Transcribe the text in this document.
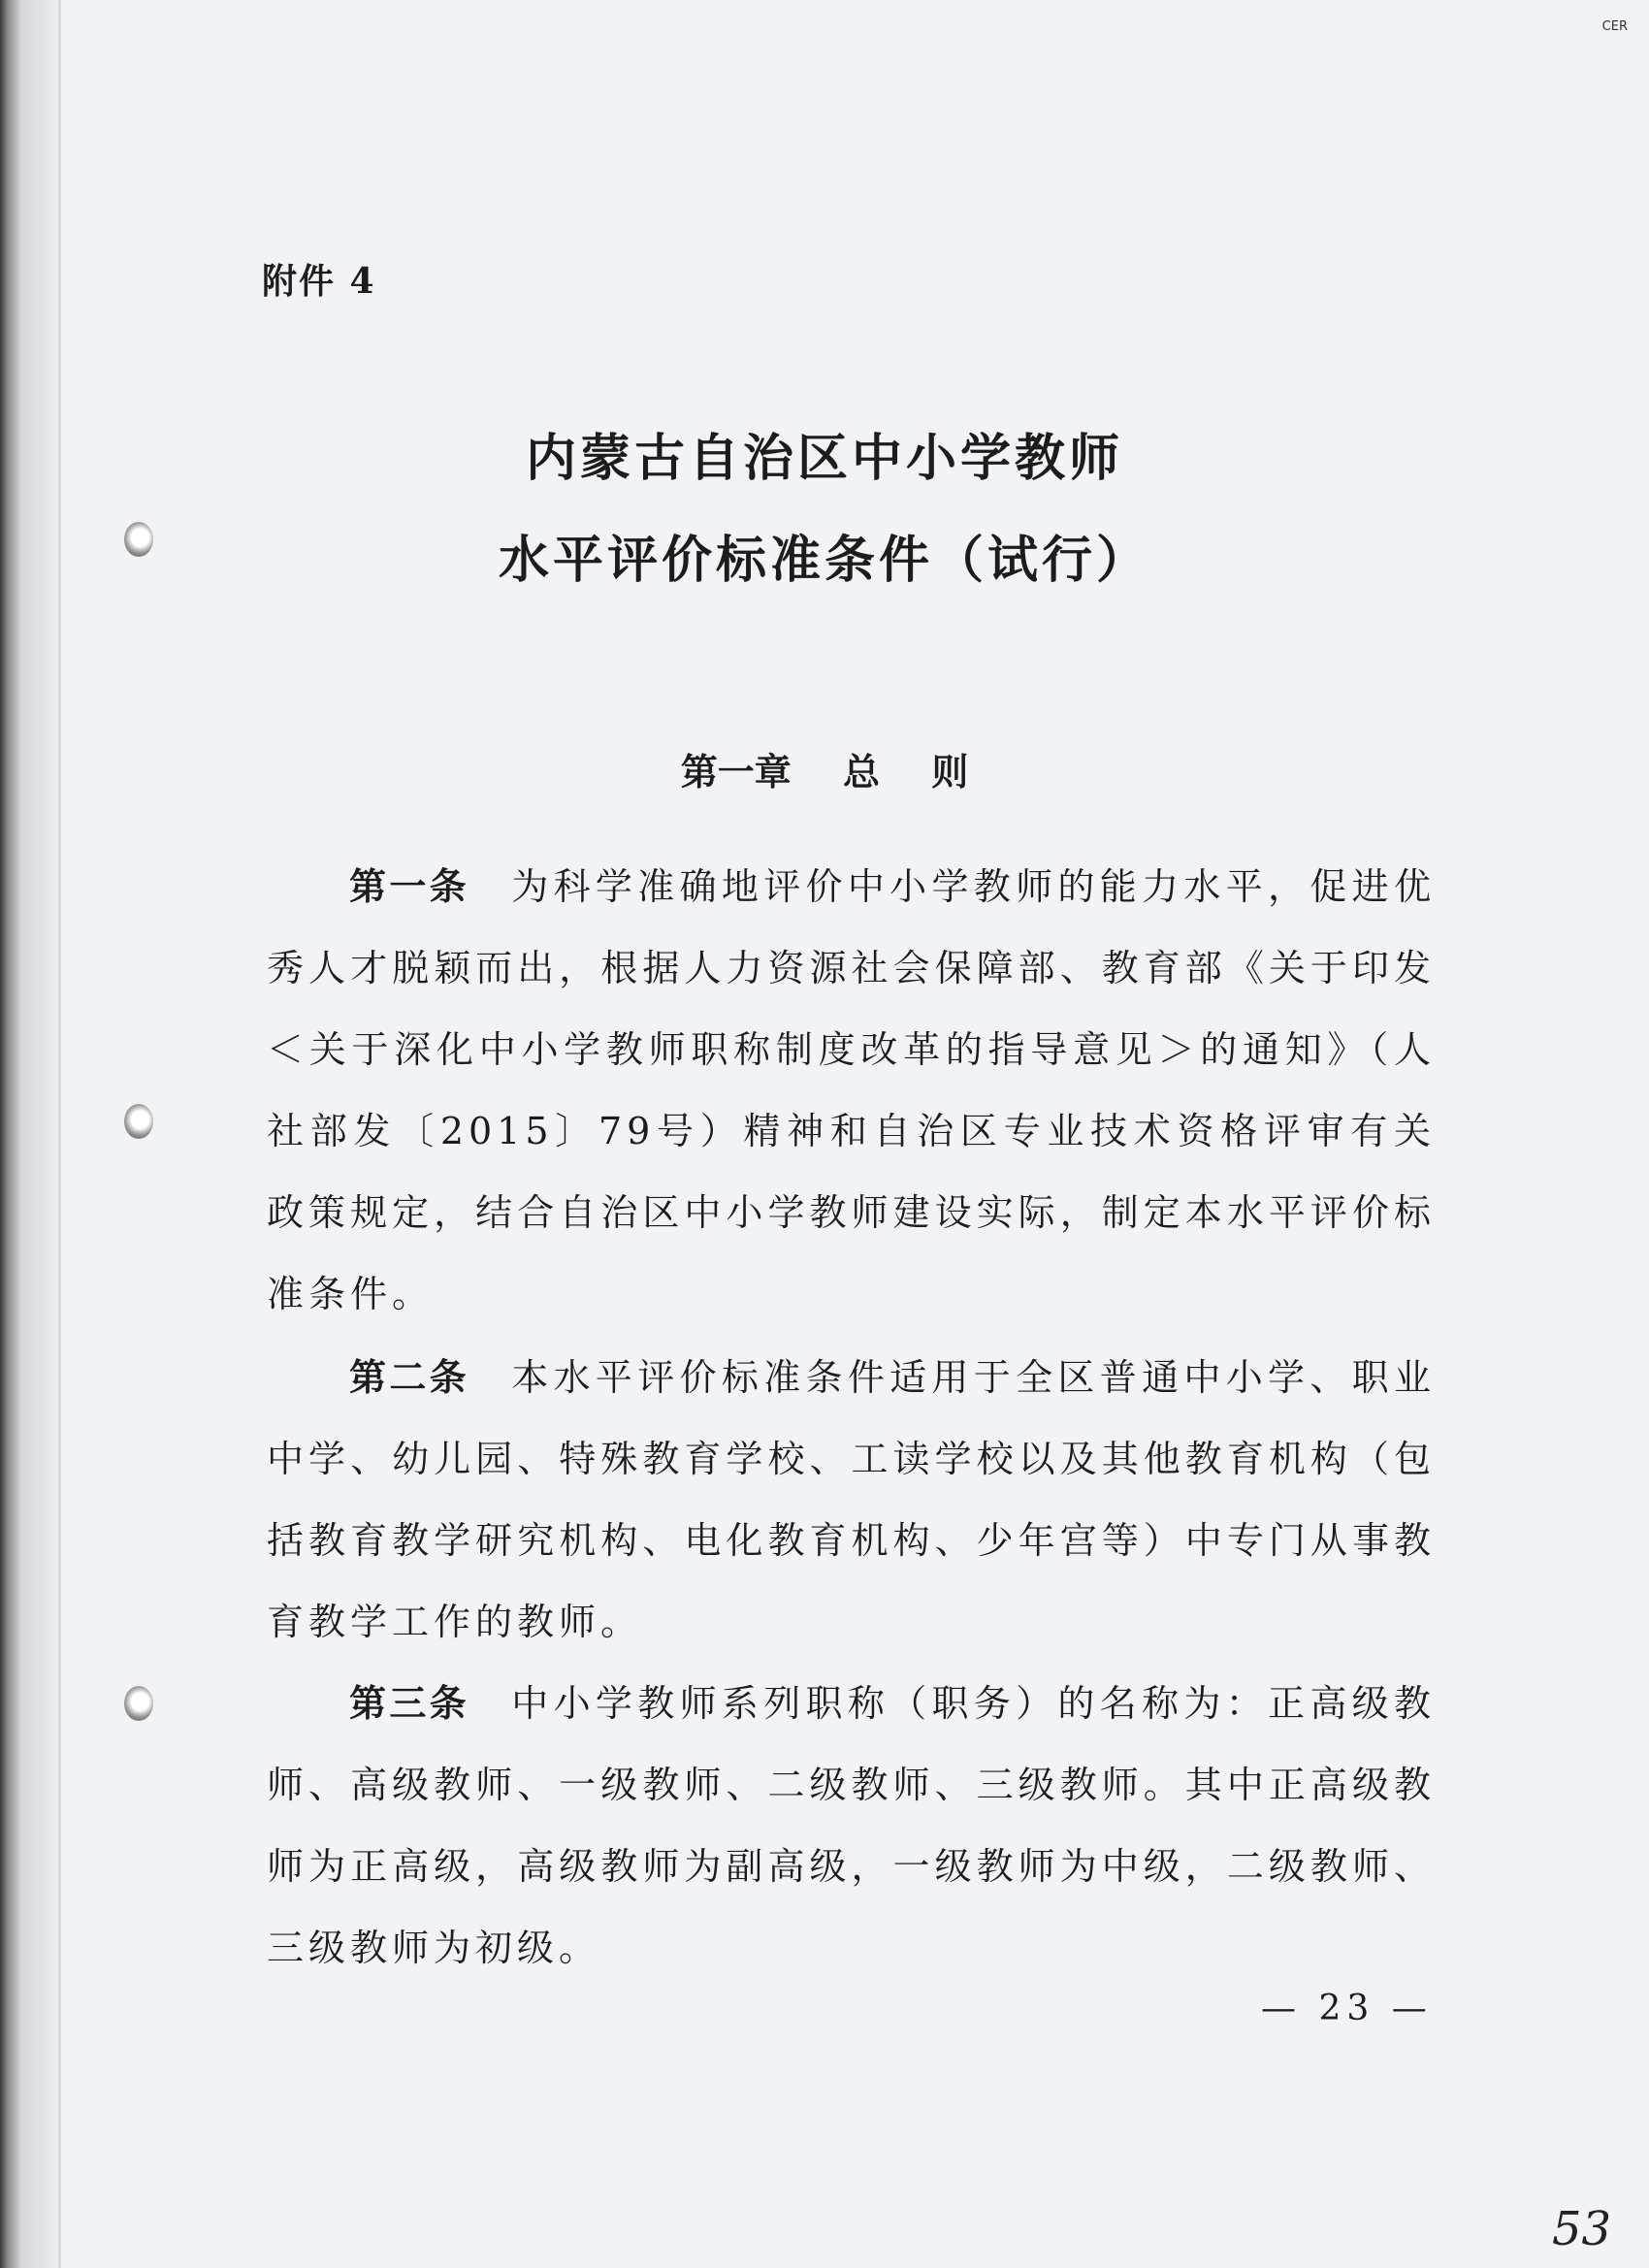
CER
附件 4
内蒙古自治区中小学教师
水平评价标准条件（试行）
第一章 总 则
第一条　 为科学准确地评价中小学教师的能力水平，促进优秀人才脱颖而出，根据人力资源社会保障部、教育部《关于印发＜关于深化中小学教师职称制度改革的指导意见＞的通知》（人社部发〔2015〕79号）精神和自治区专业技术资格评审有关政策规定，结合自治区中小学教师建设实际，制定本水平评价标准条件。
第二条　 本水平评价标准条件适用于全区普通中小学、职业中学、幼儿园、特殊教育学校、工读学校以及其他教育机构（包括教育教学研究机构、电化教育机构、少年宫等）中专门从事教育教学工作的教师。
第三条　 中小学教师系列职称（职务）的名称为：正高级教师、高级教师、一级教师、二级教师、三级教师。其中正高级教师为正高级，高级教师为副高级，一级教师为中级，二级教师、三级教师为初级。
— 23 —
53
